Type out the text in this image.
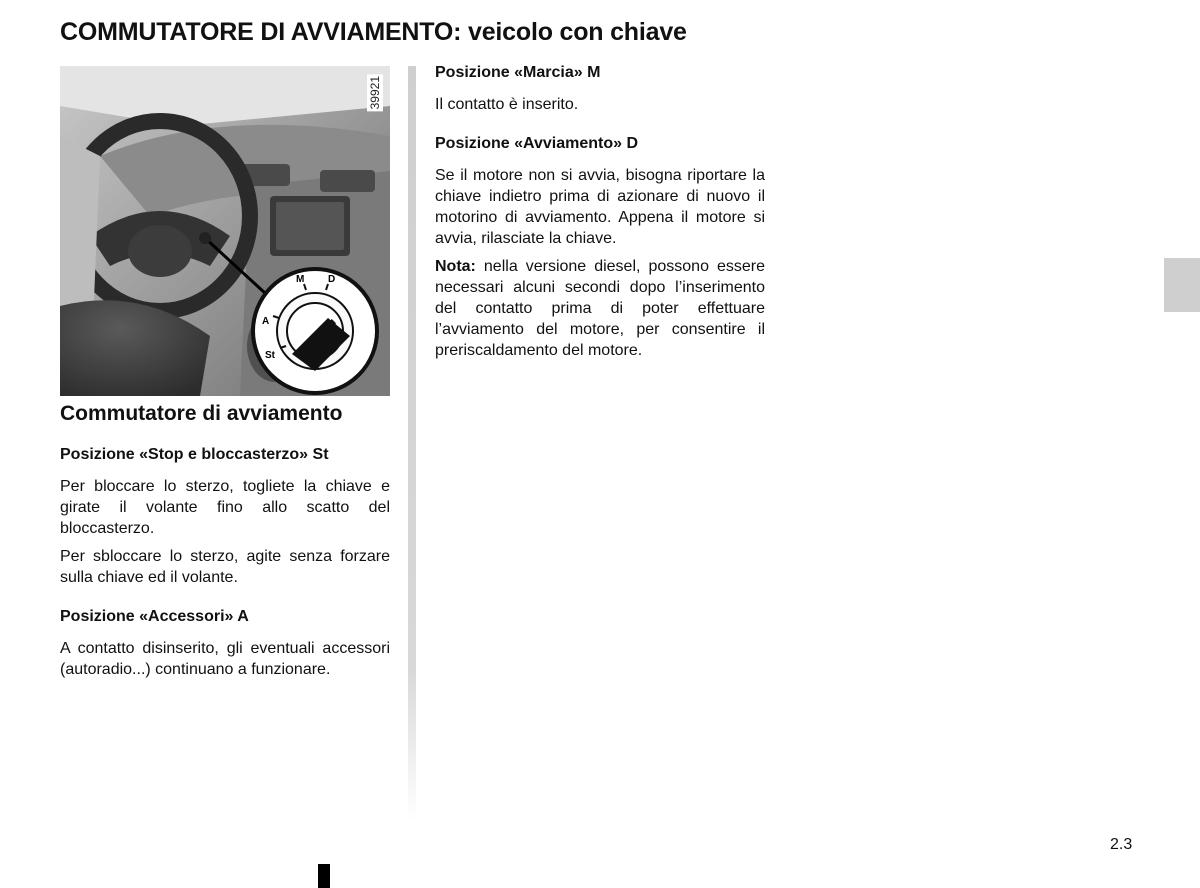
COMMUTATORE DI AVVIAMENTO: veicolo con chiave
M D
A
St
39921
Commutatore di avviamento
Posizione «Stop e bloccasterzo» St

Per bloccare lo sterzo, togliete la chiave e girate il volante fino allo scatto del bloccasterzo.

Per sbloccare lo sterzo, agite senza forzare sulla chiave ed il volante.

Posizione «Accessori» A

A contatto disinserito, gli eventuali accessori (autoradio...) continuano a funzionare.

Posizione «Marcia» M

Il contatto è inserito.

Posizione «Avviamento» D

Se il motore non si avvia, bisogna riportare la chiave indietro prima di azionare di nuovo il motorino di avviamento. Appena il motore si avvia, rilasciate la chiave.

Nota: nella versione diesel, possono essere necessari alcuni secondi dopo l’inserimento del contatto prima di poter effettuare l’avviamento del motore, per consentire il preriscaldamento del motore.

2.3
